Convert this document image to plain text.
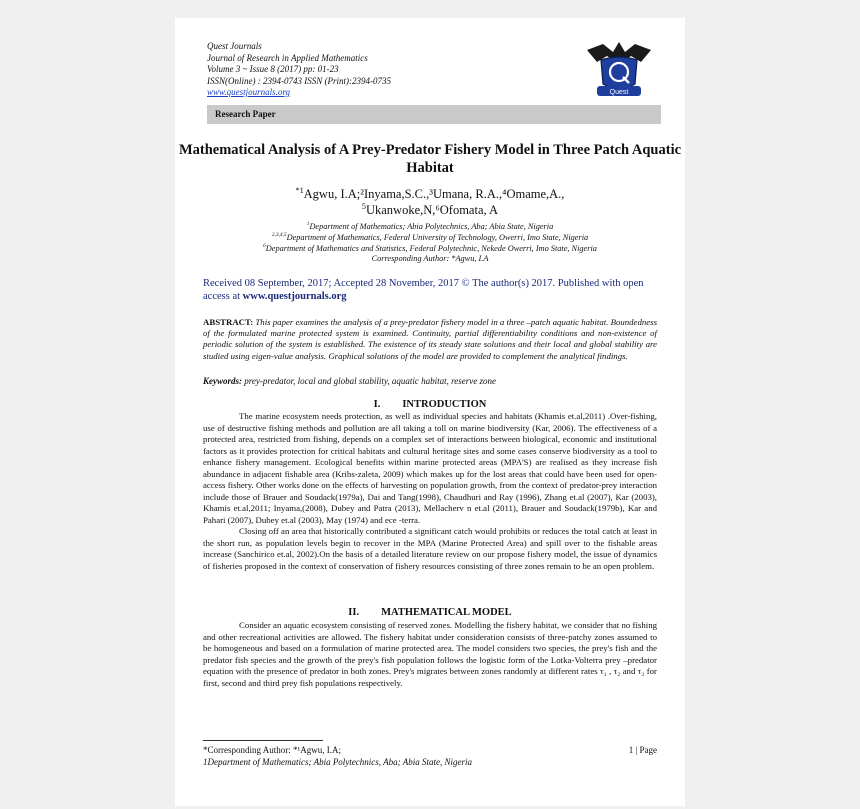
Quest Journals
Journal of Research in Applied Mathematics
Volume 3 ~ Issue 8 (2017) pp: 01-23
ISSN(Online) : 2394-0743 ISSN (Print):2394-0735
www.questjournals.org	Quest
Research Paper
Mathematical Analysis of A Prey-Predator Fishery Model in Three Patch Aquatic Habitat
$^{*1}$Agwu, I.A;²Inyama,S.C.,³Umana, R.A.,⁴Omame,A.,
$^5$Ukanwoke,N,⁶Ofomata, A
$^1$Department of Mathematics; Abia Polytechnics, Aba; Abia State, Nigeria
$^{2,3,4,5}$Department of Mathematics, Federal University of Technology, Owerri, Imo State, Nigeria
$^6$Department of Mathematics and Statistics, Federal Polytechnic, Nekede Owerri, Imo State, Nigeria
Corresponding Author: *Agwu, I.A
Received 08 September, 2017; Accepted 28 November, 2017 © The author(s) 2017. Published with open access at www.questjournals.org
ABSTRACT: This paper examines the analysis of a prey-predator fishery model in a three –patch aquatic habitat. Boundedness of the formulated marine protected system is examined. Continuity, partial differentiability conditions and non-existence of periodic solution of the system is established. The existence of its steady state solutions and their local and global stability are studied using eigen-value analysis. Graphical solutions of the model are provided to complement the analytical findings.
Keywords: prey-predator, local and global stability, aquatic habitat, reserve zone
I. INTRODUCTION

The marine ecosystem needs protection, as well as individual species and habitats (Khamis et.al,2011) .Over-fishing, use of destructive fishing methods and pollution are all taking a toll on marine biodiversity (Kar, 2006). The effectiveness of a protected area, restricted from fishing, depends on a complex set of interactions between biological, economic and institutional factors as it provides protection for critical habitats and cultural heritage sites and some cases conserve biodiversity as a tool to enhance fishery management. Ecological benefits within marine protected areas (MPA'S) are realised as they increase fish abundance in adjacent fishable area (Kribs-zaleta, 2009) which makes up for the lost areas that could have been used for open-access fishery. Other works done on the effects of harvesting on population growth, from the context of predator-prey interaction include those of Brauer and Soudack(1979a), Dai and Tang(1998), Chaudhuri and Ray (1996), Zhang et.al (2007), Kar (2003), Khamis et.al,2011; Inyama,(2008), Dubey and Patra (2013), Mellacherv n et.al (2011), Brauer and Soudack(1979b), Kar and Pahari (2007), Dubey et.al (2003), May (1974) and ece -terra.

Closing off an area that historically contributed a significant catch would prohibits or reduces the total catch at least in the short run, as population levels begin to recover in the MPA (Marine Protected Area) and spill over to the fishable areas increase (Sanchirico et.al, 2002).On the basis of a detailed literature review on our propose fishery model, the issue of dynamics of fisheries proposed in the context of conservation of fishery resources consisting of three zones remain to be an open problem.

II. MATHEMATICAL MODEL

Consider an aquatic ecosystem consisting of reserved zones. Modelling the fishery habitat, we consider that no fishing and other recreational activities are allowed. The fishery habitat under consideration consists of three-patchy zones assumed to be homogeneous and based on a formulation of marine protected area. The model considers two species, the prey's fish and the predator fish species and the growth of the prey's fish population follows the logistic form of the Lotka-Volterra prey –predator equation with the presence of predator in both zones. Prey's migrates between zones randomly at different rates τ₁ , τ₂ and τ₃ for first, second and third prey fish populations respectively.

*Corresponding Author: *¹Agwu, I.A;	1 | Page
1Department of Mathematics; Abia Polytechnics, Aba; Abia State, Nigeria
